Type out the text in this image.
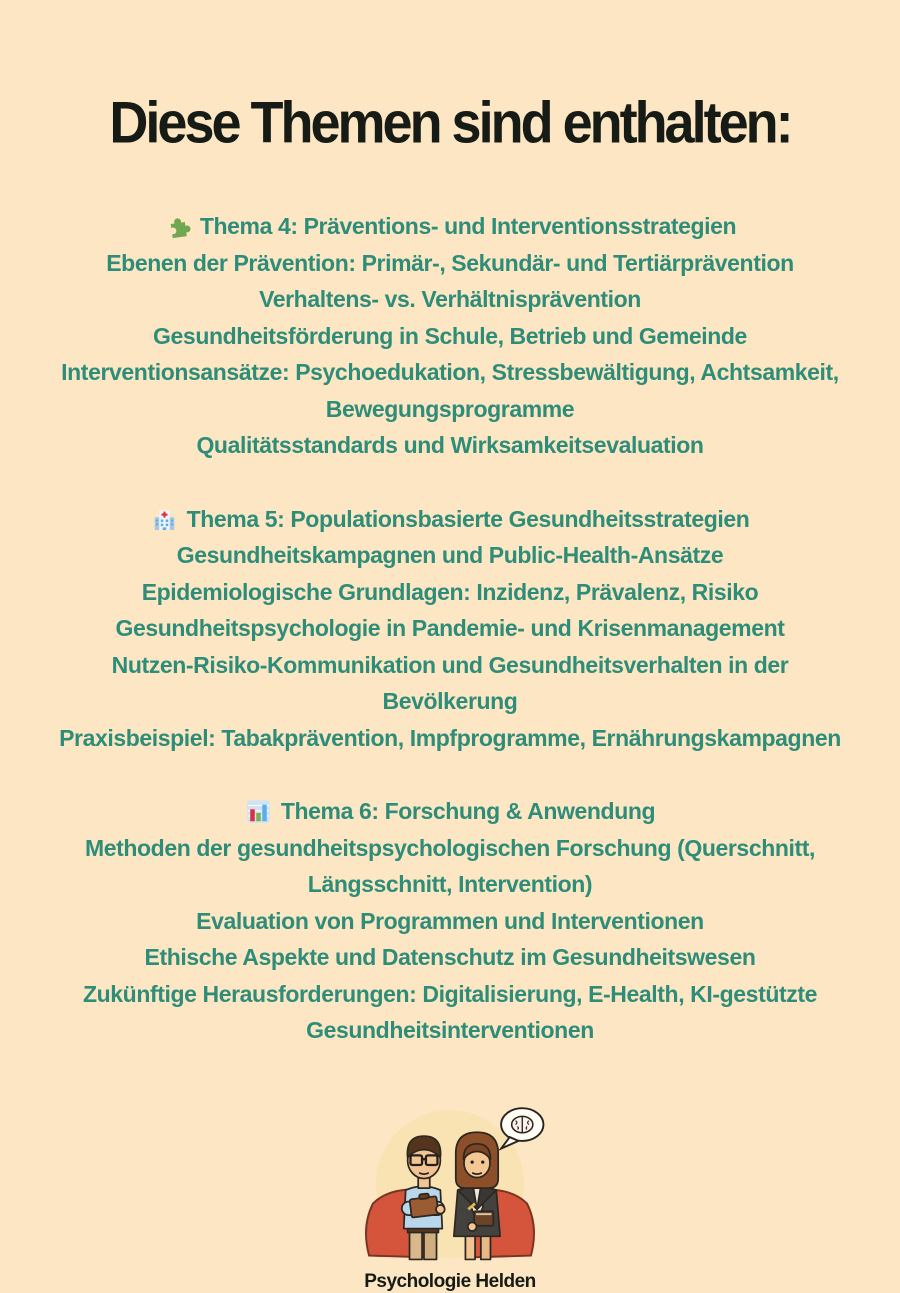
Diese Themen sind enthalten:
Thema 4: Präventions- und Interventionsstrategien
Ebenen der Prävention: Primär-, Sekundär- und Tertiärprävention
Verhaltens- vs. Verhältnisprävention
Gesundheitsförderung in Schule, Betrieb und Gemeinde
Interventionsansätze: Psychoedukation, Stressbewältigung, Achtsamkeit,
Bewegungsprogramme
Qualitätsstandards und Wirksamkeitsevaluation
Thema 5: Populationsbasierte Gesundheitsstrategien
Gesundheitskampagnen und Public-Health-Ansätze
Epidemiologische Grundlagen: Inzidenz, Prävalenz, Risiko
Gesundheitspsychologie in Pandemie- und Krisenmanagement
Nutzen-Risiko-Kommunikation und Gesundheitsverhalten in der
Bevölkerung
Praxisbeispiel: Tabakprävention, Impfprogramme, Ernährungskampagnen
Thema 6: Forschung & Anwendung
Methoden der gesundheitspsychologischen Forschung (Querschnitt,
Längsschnitt, Intervention)
Evaluation von Programmen und Interventionen
Ethische Aspekte und Datenschutz im Gesundheitswesen
Zukünftige Herausforderungen: Digitalisierung, E-Health, KI-gestützte
Gesundheitsinterventionen
Psychologie Helden
